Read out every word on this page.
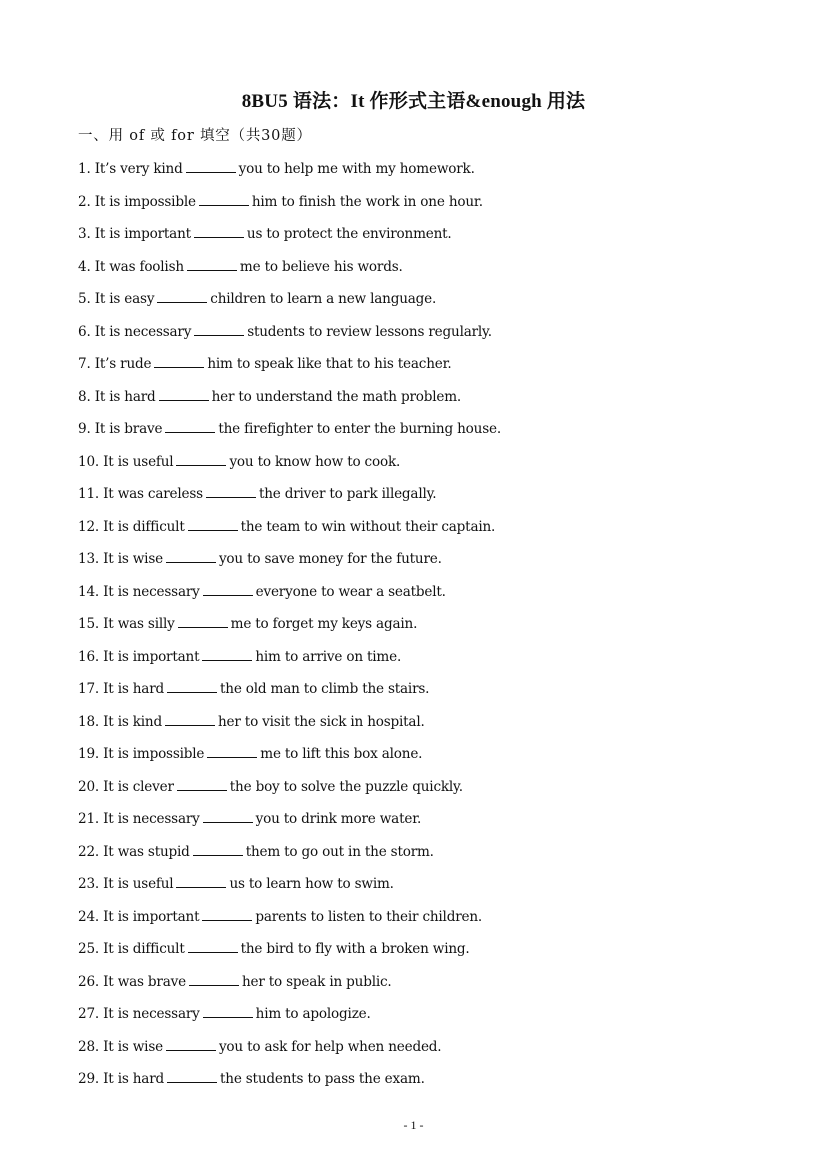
8BU5 语法：It 作形式主语&enough 用法
一、用 of 或 for 填空（共30题）
1. It’s very kind	you to help me with my homework.
2. It is impossible	him to finish the work in one hour.
3. It is important	us to protect the environment.
4. It was foolish	me to believe his words.
5. It is easy	children to learn a new language.
6. It is necessary	students to review lessons regularly.
7. It’s rude	him to speak like that to his teacher.
8. It is hard	her to understand the math problem.
9. It is brave	the firefighter to enter the burning house.
10. It is useful	you to know how to cook.
11. It was careless	the driver to park illegally.
12. It is difficult	the team to win without their captain.
13. It is wise	you to save money for the future.
14. It is necessary	everyone to wear a seatbelt.
15. It was silly	me to forget my keys again.
16. It is important	him to arrive on time.
17. It is hard	the old man to climb the stairs.
18. It is kind	her to visit the sick in hospital.
19. It is impossible	me to lift this box alone.
20. It is clever	the boy to solve the puzzle quickly.
21. It is necessary	you to drink more water.
22. It was stupid	them to go out in the storm.
23. It is useful	us to learn how to swim.
24. It is important	parents to listen to their children.
25. It is difficult	the bird to fly with a broken wing.
26. It was brave	her to speak in public.
27. It is necessary	him to apologize.
28. It is wise	you to ask for help when needed.
29. It is hard	the students to pass the exam.
- 1 -
